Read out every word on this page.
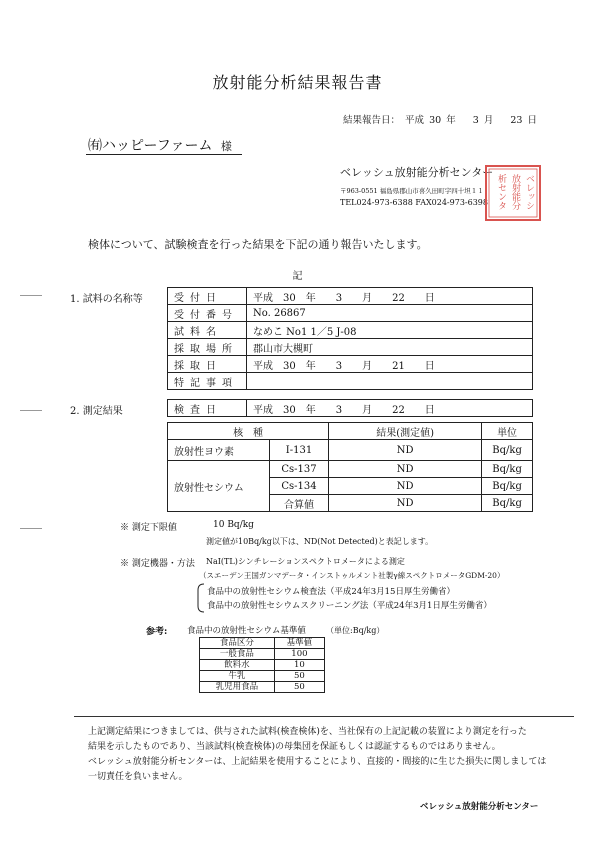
放射能分析結果報告書
結果報告日： 平成 30 年 3 月 23 日
㈲ハッピーファーム 様
ベレッシュ放射能分析センター
〒963-0551 福島県郡山市喜久田町字四十坦１１
TEL024-973-6388 FAX024-973-6398	ベレッシ
放射能分
析センタ
検体について、試験検査を行った結果を下記の通り報告いたします。
記
1. 試料の名称等	受付日	平成　30　年　　3　　月　　22　　日
受付番号	No. 26867
試料名	なめこ No1 1／5 J-08
採取場所	郡山市大槻町
採取日	平成　30　年　　3　　月　　21　　日
特記事項	
2. 測定結果	検査日	平成　30　年　　3　　月　　22　　日
核　種		結果(測定値)	単位
放射性ヨウ素	I-131	ND	Bq/kg
放射性セシウム	Cs-137	ND	Bq/kg
	Cs-134	ND	Bq/kg
	合算値	ND	Bq/kg
※ 測定下限値	10 Bq/kg
測定値が10Bq/kg以下は、ND(Not Detected)と表記します。
※ 測定機器・方法 NaI(TL)シンチレーションスペクトロメータによる測定
（スエーデン王国ガンマデータ・インストゥルメント社製γ線スペクトロメータGDM-20）
食品中の放射性セシウム検査法（平成24年3月15日厚生労働省）
食品中の放射性セシウムスクリーニング法（平成24年3月1日厚生労働省）
参考: 食品中の放射性セシウム基準値	（単位:Bq/kg）
食品区分	基準値
一般食品	100
飲料水	10
牛乳	50
乳児用食品	50
上記測定結果につきましては、供与された試料(検査検体)を、当社保有の上記記載の装置により測定を行った
結果を示したものであり、当該試料(検査検体)の母集団を保証もしくは認証するものではありません。
ベレッシュ放射能分析センターは、上記結果を使用することにより、直接的・間接的に生じた損失に関しましては
一切責任を負いません。
ベレッシュ放射能分析センター
